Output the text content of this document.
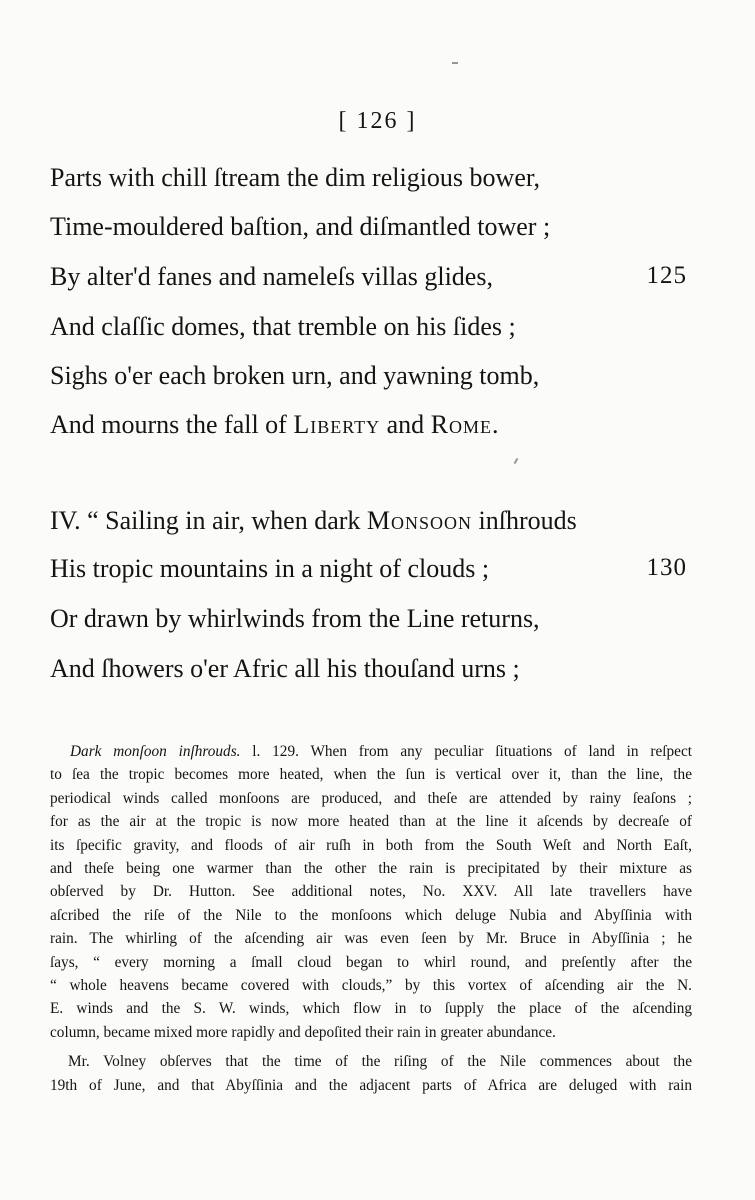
[ 126 ]
Parts with chill ſtream the dim religious bower,
Time-mouldered baſtion, and diſmantled tower ;
By alter'd fanes and nameleſs villas glides,	125
And claſſic domes, that tremble on his ſides ;
Sighs o'er each broken urn, and yawning tomb,
And mourns the fall of Liberty and Rome.
IV. “ Sailing in air, when dark Monsoon inſhrouds
His tropic mountains in a night of clouds ;	130
Or drawn by whirlwinds from the Line returns,
And ſhowers o'er Afric all his thouſand urns ;

Dark monſoon inſhrouds. l. 129. When from any peculiar ſituations of land in reſpect
to ſea the tropic becomes more heated, when the ſun is vertical over it, than the line, the
periodical winds called monſoons are produced, and theſe are attended by rainy ſeaſons ;
for as the air at the tropic is now more heated than at the line it aſcends by decreaſe of
its ſpecific gravity, and floods of air ruſh in both from the South Weſt and North Eaſt,
and theſe being one warmer than the other the rain is precipitated by their mixture as
obſerved by Dr. Hutton. See additional notes, No. XXV. All late travellers have
aſcribed the riſe of the Nile to the monſoons which deluge Nubia and Abyſſinia with
rain. The whirling of the aſcending air was even ſeen by Mr. Bruce in Abyſſinia ; he
ſays, “ every morning a ſmall cloud began to whirl round, and preſently after the
“ whole heavens became covered with clouds,” by this vortex of aſcending air the N.
E. winds and the S. W. winds, which flow in to ſupply the place of the aſcending
column, became mixed more rapidly and depoſited their rain in greater abundance.

Mr. Volney obſerves that the time of the riſing of the Nile commences about the
19th of June, and that Abyſſinia and the adjacent parts of Africa are deluged with rain
